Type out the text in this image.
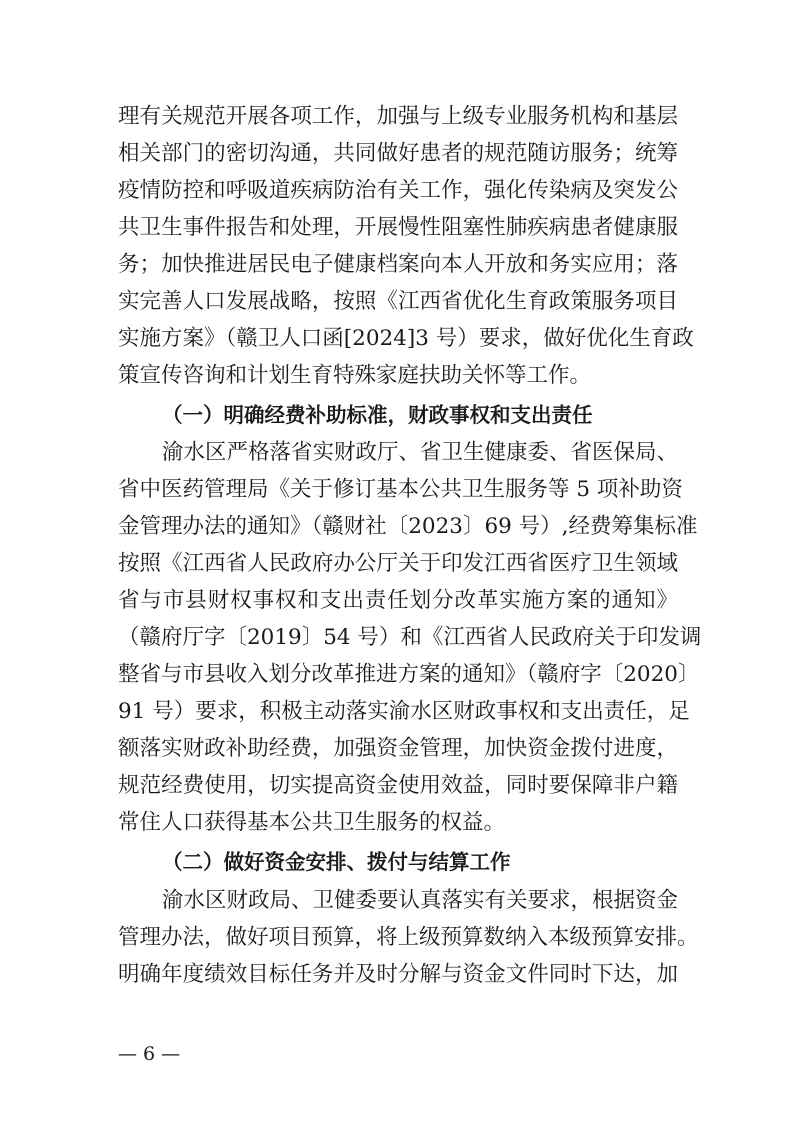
理有关规范开展各项工作，加强与上级专业服务机构和基层
相关部门的密切沟通，共同做好患者的规范随访服务；统筹
疫情防控和呼吸道疾病防治有关工作，强化传染病及突发公
共卫生事件报告和处理，开展慢性阻塞性肺疾病患者健康服
务；加快推进居民电子健康档案向本人开放和务实应用；落
实完善人口发展战略，按照《江西省优化生育政策服务项目
实施方案》（赣卫人口函[2024]3 号）要求，做好优化生育政
策宣传咨询和计划生育特殊家庭扶助关怀等工作。
（一）明确经费补助标准，财政事权和支出责任
渝水区严格落省实财政厅、省卫生健康委、省医保局、
省中医药管理局《关于修订基本公共卫生服务等 5 项补助资
金管理办法的通知》（赣财社〔2023〕69 号）,经费筹集标准
按照《江西省人民政府办公厅关于印发江西省医疗卫生领域
省与市县财权事权和支出责任划分改革实施方案的通知》
（赣府厅字〔2019〕54 号）和《江西省人民政府关于印发调
整省与市县收入划分改革推进方案的通知》（赣府字〔2020〕
91 号）要求，积极主动落实渝水区财政事权和支出责任，足
额落实财政补助经费，加强资金管理，加快资金拨付进度，
规范经费使用，切实提高资金使用效益，同时要保障非户籍
常住人口获得基本公共卫生服务的权益。
（二）做好资金安排、拨付与结算工作
渝水区财政局、卫健委要认真落实有关要求，根据资金
管理办法，做好项目预算，将上级预算数纳入本级预算安排。
明确年度绩效目标任务并及时分解与资金文件同时下达，加
— 6 —
